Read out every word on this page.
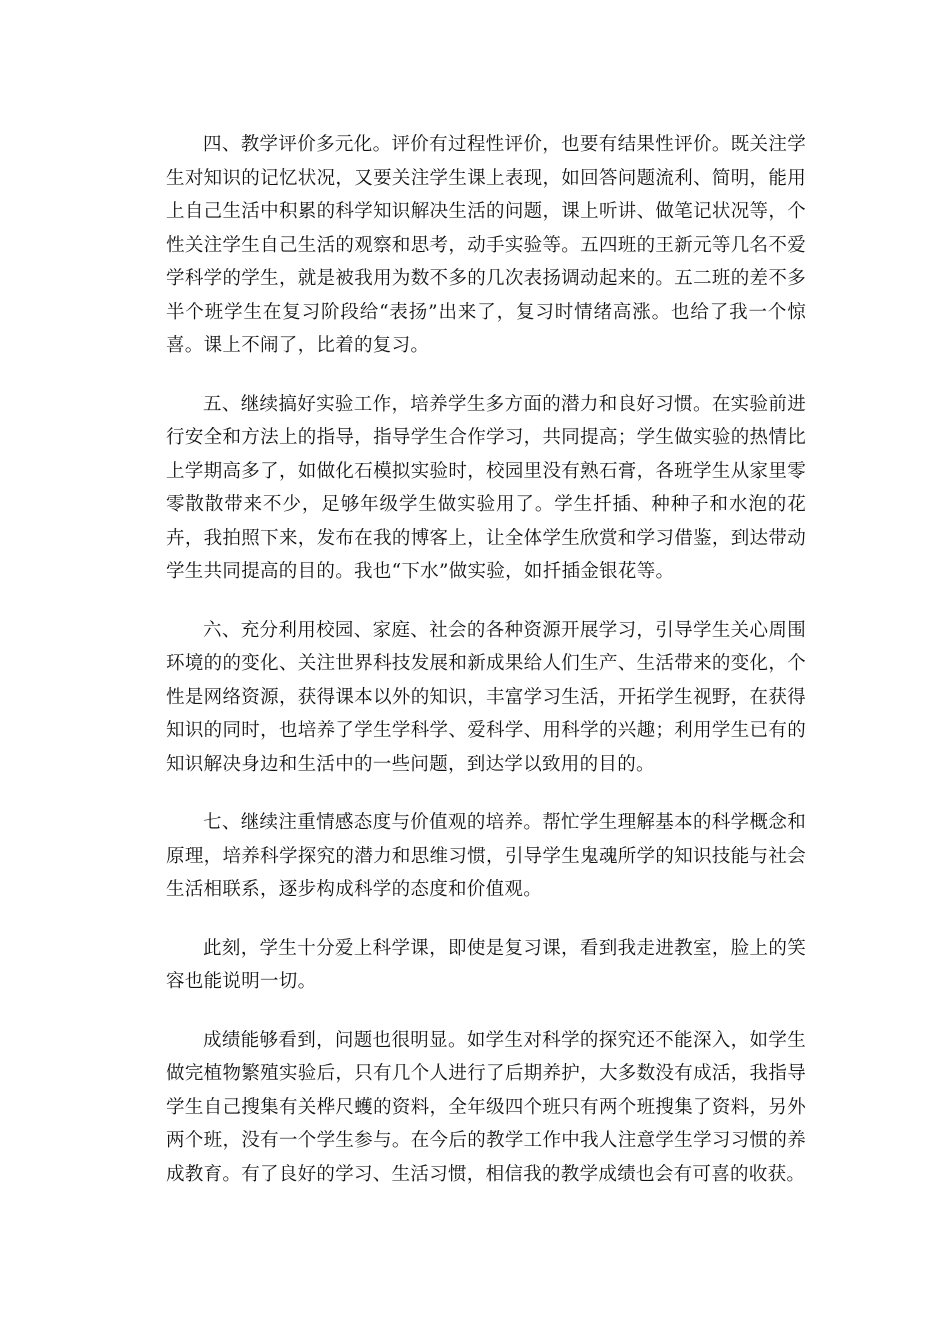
四、教学评价多元化。评价有过程性评价，也要有结果性评价。既关注学生对知识的记忆状况，又要关注学生课上表现，如回答问题流利、简明，能用上自己生活中积累的科学知识解决生活的问题，课上听讲、做笔记状况等，个性关注学生自己生活的观察和思考，动手实验等。五四班的王新元等几名不爱学科学的学生，就是被我用为数不多的几次表扬调动起来的。五二班的差不多半个班学生在复习阶段给“表扬”出来了，复习时情绪高涨。也给了我一个惊喜。课上不闹了，比着的复习。

五、继续搞好实验工作，培养学生多方面的潜力和良好习惯。在实验前进行安全和方法上的指导，指导学生合作学习，共同提高；学生做实验的热情比上学期高多了，如做化石模拟实验时，校园里没有熟石膏，各班学生从家里零零散散带来不少，足够年级学生做实验用了。学生扦插、种种子和水泡的花卉，我拍照下来，发布在我的博客上，让全体学生欣赏和学习借鉴，到达带动学生共同提高的目的。我也“下水”做实验，如扦插金银花等。

六、充分利用校园、家庭、社会的各种资源开展学习，引导学生关心周围环境的的变化、关注世界科技发展和新成果给人们生产、生活带来的变化，个性是网络资源，获得课本以外的知识，丰富学习生活，开拓学生视野，在获得知识的同时，也培养了学生学科学、爱科学、用科学的兴趣；利用学生已有的知识解决身边和生活中的一些问题，到达学以致用的目的。

七、继续注重情感态度与价值观的培养。帮忙学生理解基本的科学概念和原理，培养科学探究的潜力和思维习惯，引导学生鬼魂所学的知识技能与社会生活相联系，逐步构成科学的态度和价值观。

此刻，学生十分爱上科学课，即使是复习课，看到我走进教室，脸上的笑容也能说明一切。

成绩能够看到，问题也很明显。如学生对科学的探究还不能深入，如学生做完植物繁殖实验后，只有几个人进行了后期养护，大多数没有成活，我指导学生自己搜集有关桦尺蠖的资料，全年级四个班只有两个班搜集了资料，另外两个班，没有一个学生参与。在今后的教学工作中我人注意学生学习习惯的养成教育。有了良好的学习、生活习惯，相信我的教学成绩也会有可喜的收获。
